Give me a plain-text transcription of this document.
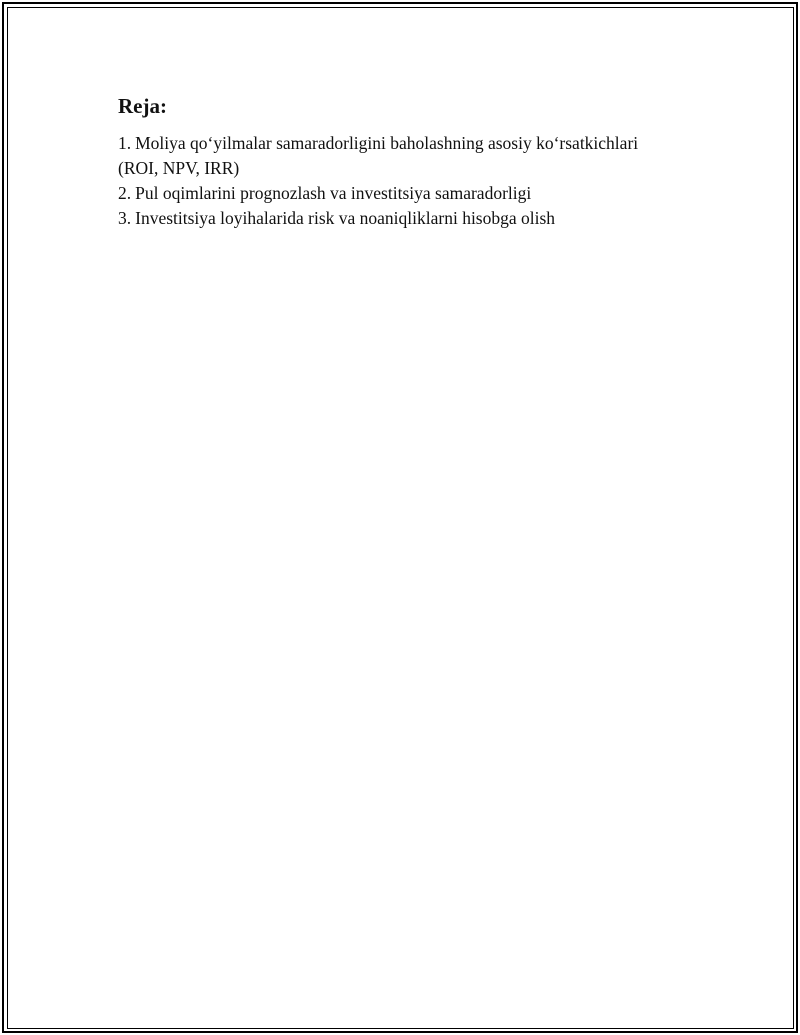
Reja:
1. Moliya qo‘yilmalar samaradorligini baholashning asosiy ko‘rsatkichlari
(ROI, NPV, IRR)
2. Pul oqimlarini prognozlash va investitsiya samaradorligi
3. Investitsiya loyihalarida risk va noaniqliklarni hisobga olish
